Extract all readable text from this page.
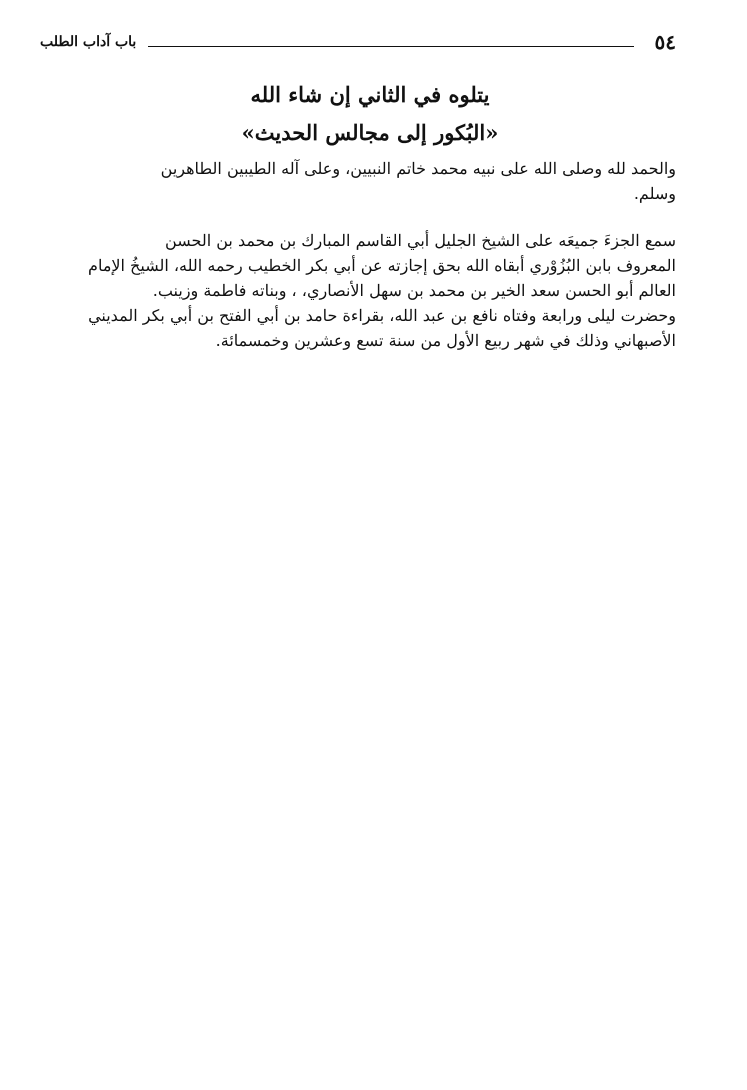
باب آداب الطلب	٥٤
يتلوه في الثاني إن شاء الله
«البُكور إلى مجالس الحديث»
والحمد لله وصلى الله على نبيه محمد خاتم النبيين، وعلى آله الطيبين الطاهرين
وسلم.
سمع الجزءَ جميعَه على الشيخ الجليل أبي القاسم المبارك بن محمد بن الحسن
المعروف بابن البُزُوْري أبقاه الله بحق إجازته عن أبي بكر الخطيب رحمه الله، الشيخُ الإمام
العالم أبو الحسن سعد الخير بن محمد بن سهل الأنصاري، ، وبناته فاطمة وزينب.
وحضرت ليلى ورابعة وفتاه نافع بن عبد الله، بقراءة حامد بن أبي الفتح بن أبي بكر المديني
الأصبهاني وذلك في شهر ربيع الأول من سنة تسع وعشرين وخمسمائة.
